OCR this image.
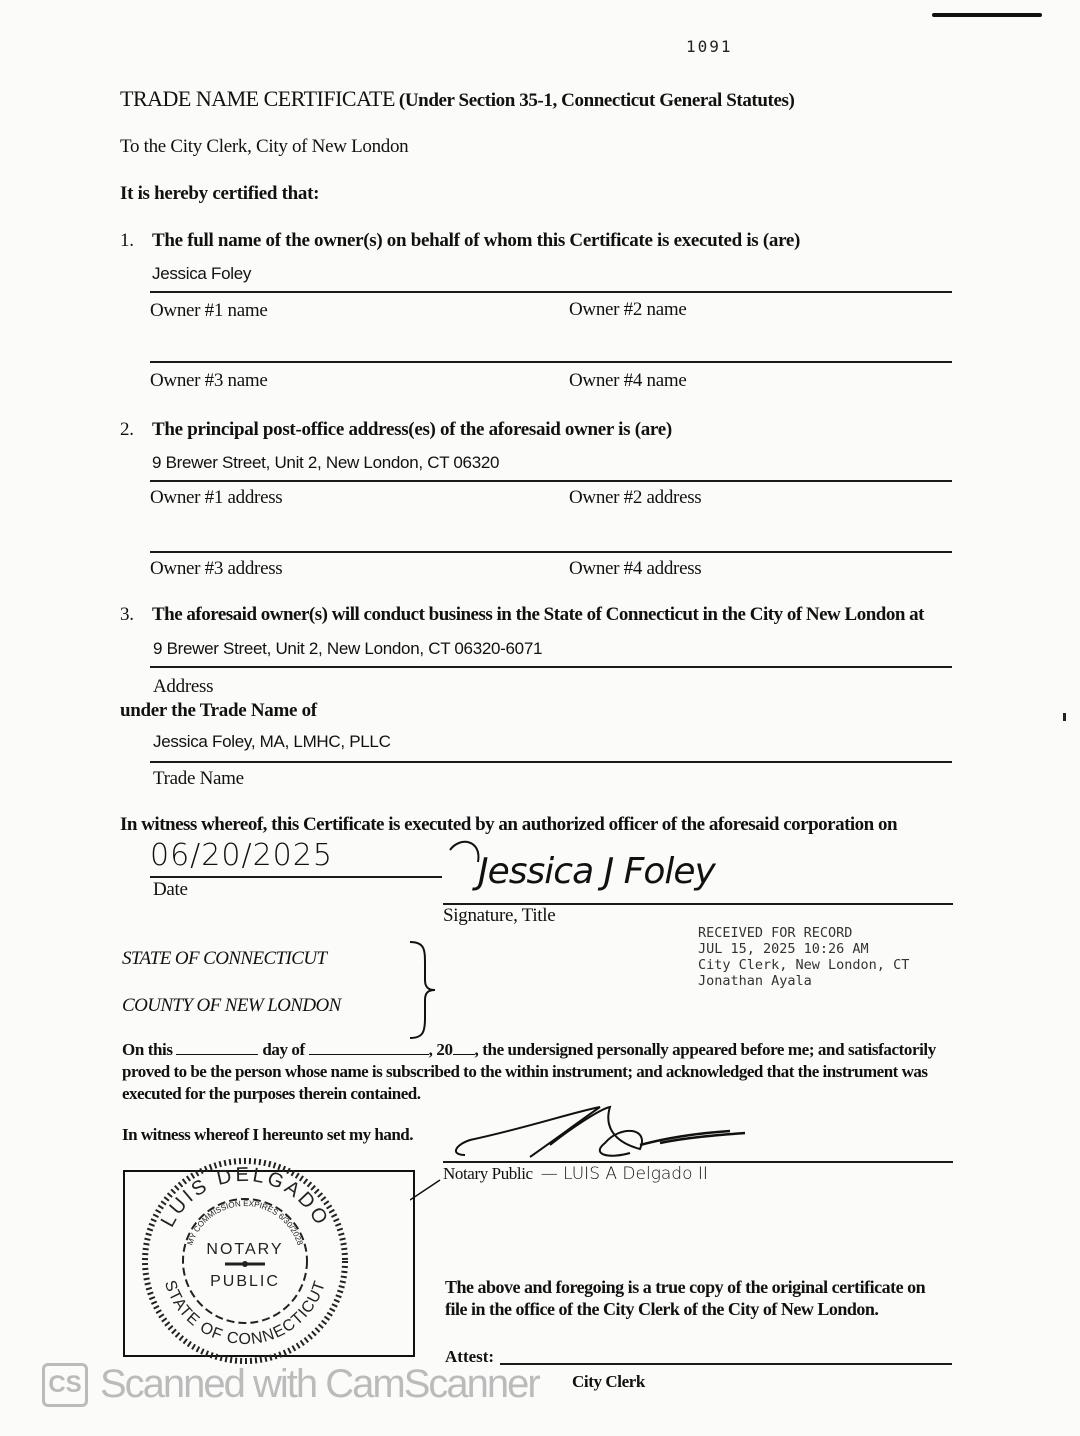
1091
TRADE NAME CERTIFICATE (Under Section 35-1, Connecticut General Statutes)
To the City Clerk, City of New London
It is hereby certified that:
1. The full name of the owner(s) on behalf of whom this Certificate is executed is (are)
Jessica Foley
Owner #1 name	Owner #2 name
Owner #3 name	Owner #4 name
2. The principal post-office address(es) of the aforesaid owner is (are)
9 Brewer Street, Unit 2, New London, CT 06320
Owner #1 address	Owner #2 address
Owner #3 address	Owner #4 address
3. The aforesaid owner(s) will conduct business in the State of Connecticut in the City of New London at
9 Brewer Street, Unit 2, New London, CT 06320-6071
Address
under the Trade Name of
Jessica Foley, MA, LMHC, PLLC
Trade Name
In witness whereof, this Certificate is executed by an authorized officer of the aforesaid corporation on
06/20/2025
Date	Jessica J Foley
Signature, Title
RECEIVED FOR RECORD
JUL 15, 2025 10:26 AM
City Clerk, New London, CT
Jonathan Ayala
STATE OF CONNECTICUT
COUNTY OF NEW LONDON
On this	day of	, 20 , the undersigned personally appeared before me; and satisfactorily
proved to be the person whose name is subscribed to the within instrument; and acknowledged that the instrument was
executed for the purposes therein contained.
In witness whereof I hereunto set my hand.
Notary Public — LUIS A Delgado II
LUIS DELGADO
STATE OF CONNECTICUT
MY COMMISSION EXPIRES 6/30/2028
NOTARY
PUBLIC	The above and foregoing is a true copy of the original certificate on
file in the office of the City Clerk of the City of New London.
Attest:
City Clerk
CS Scanned with CamScanner
